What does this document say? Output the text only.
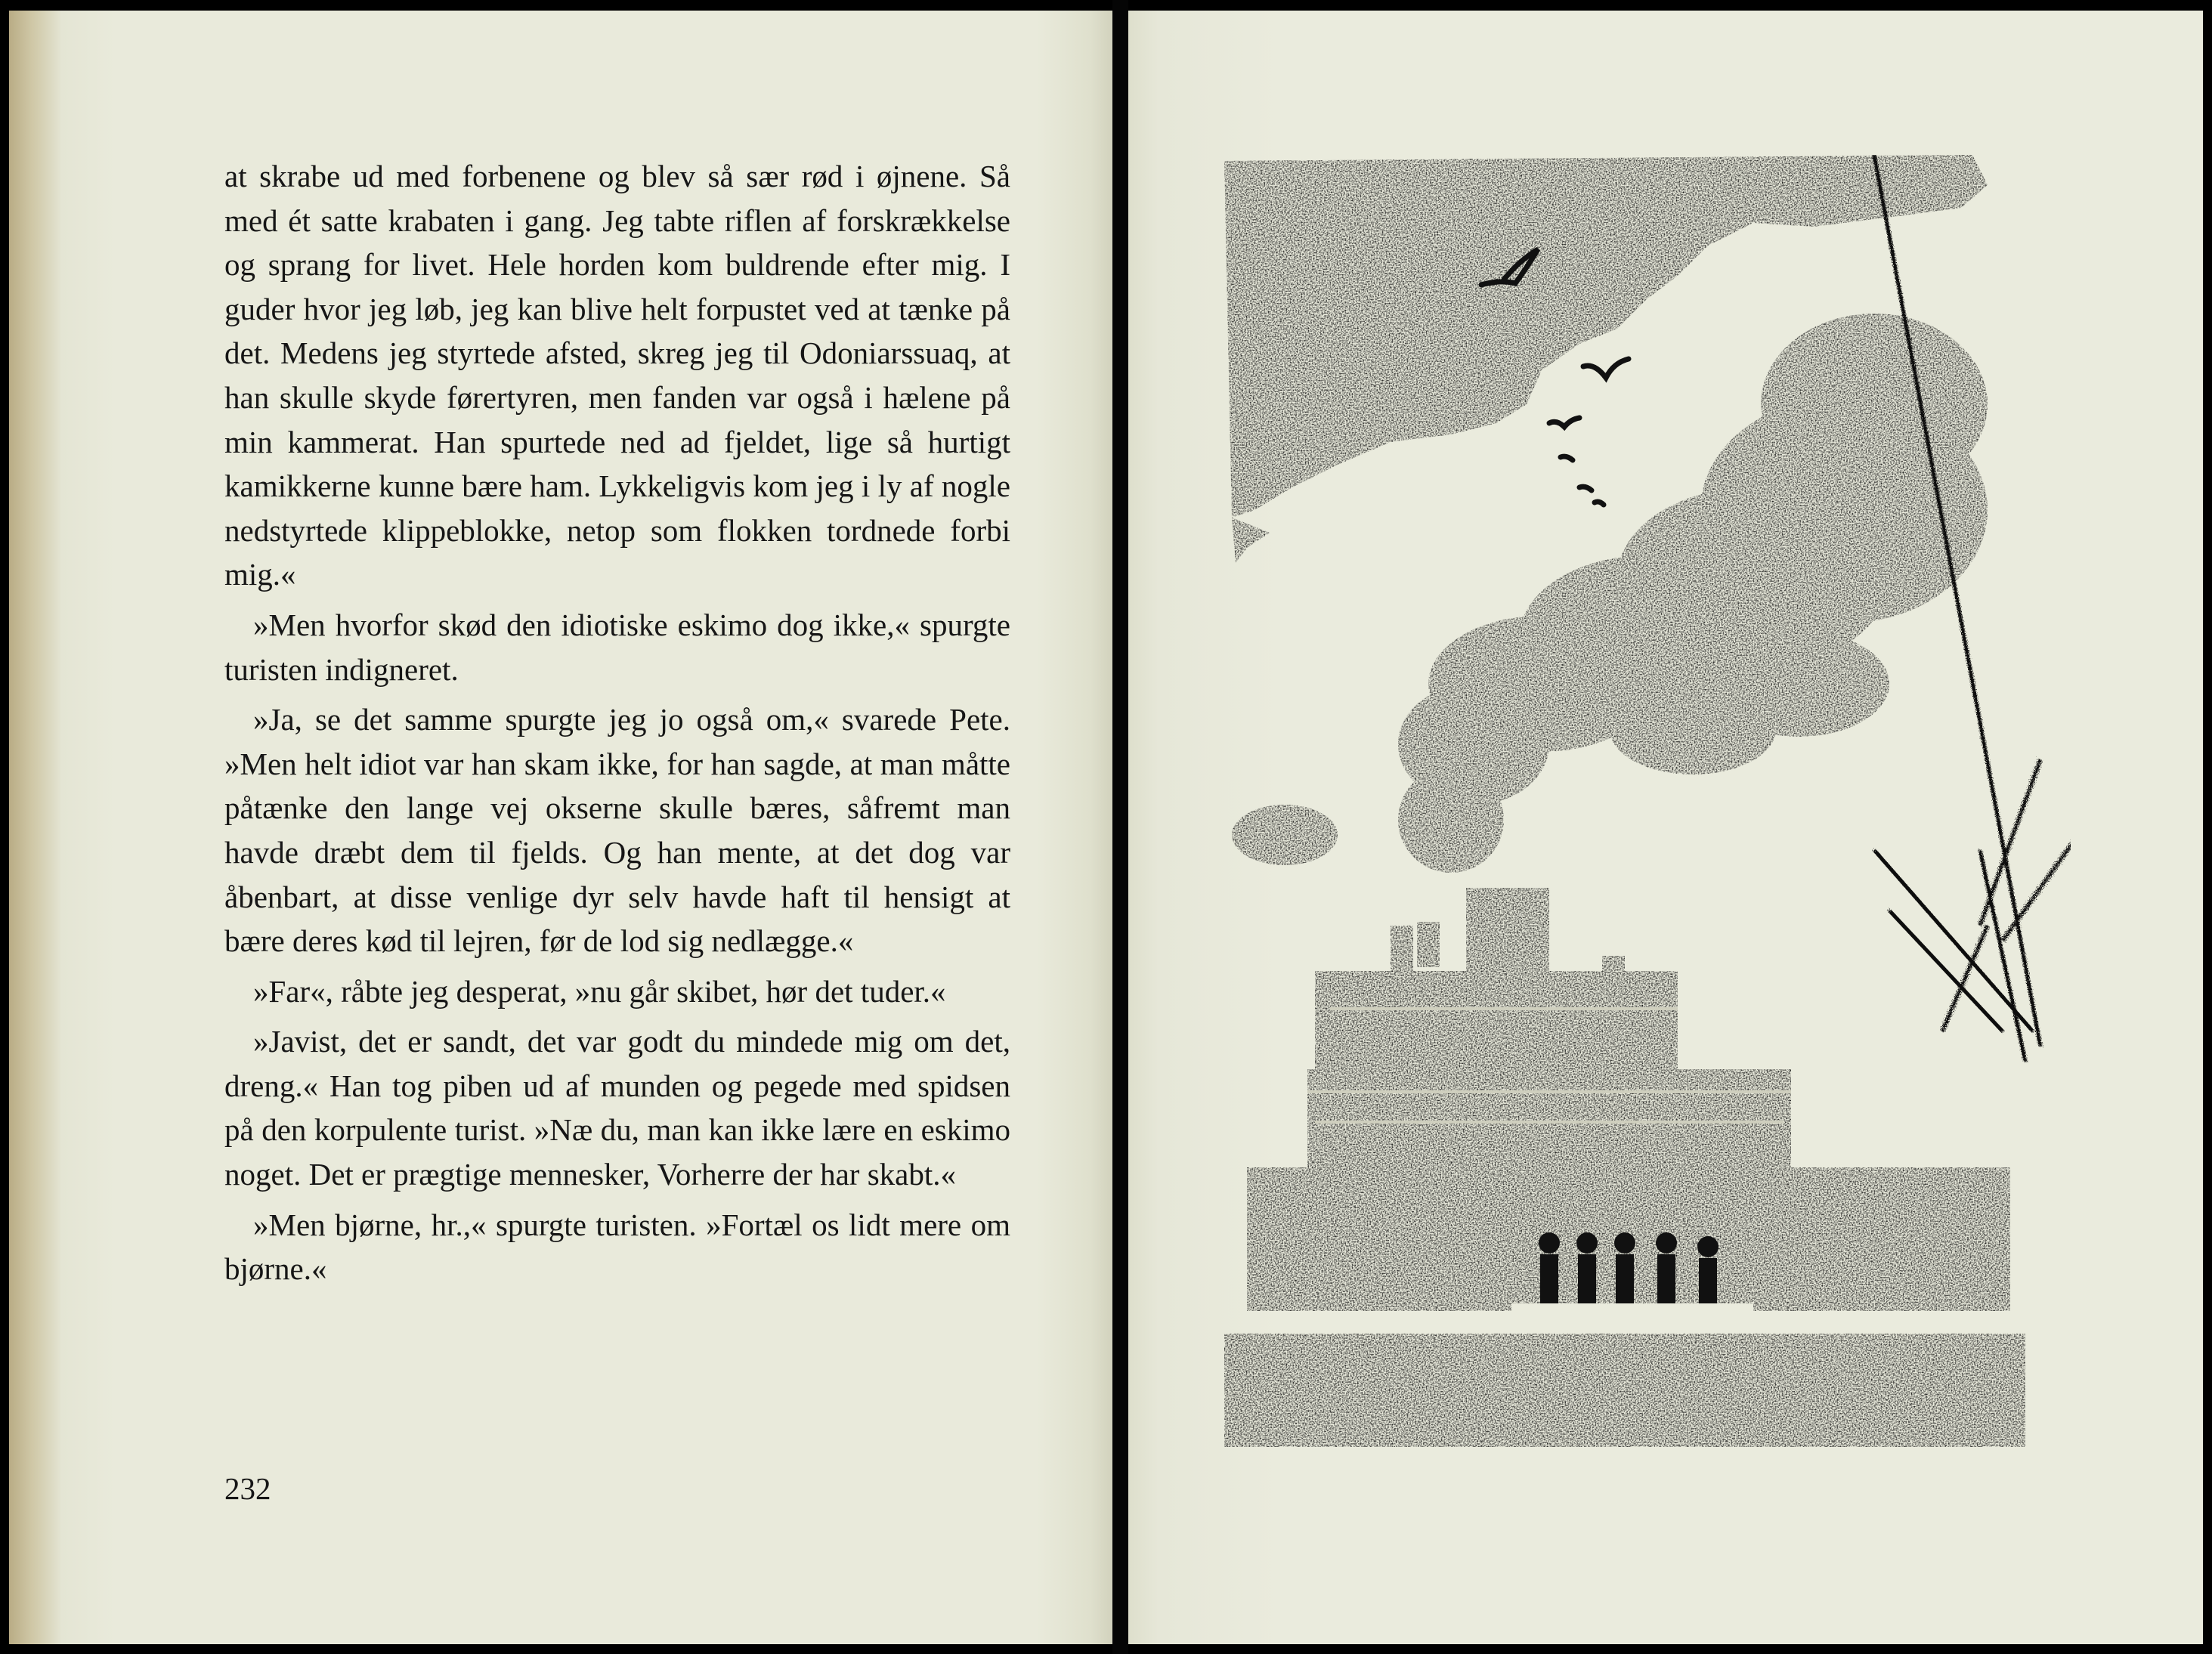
at skrabe ud med forbenene og blev så sær rød i øjnene. Så med ét satte krabaten i gang. Jeg tabte riflen af forskrækkelse og sprang for livet. Hele horden kom buldrende efter mig. I guder hvor jeg løb, jeg kan blive helt forpustet ved at tænke på det. Medens jeg styrtede afsted, skreg jeg til Odoniarssuaq, at han skulle skyde førertyren, men fanden var også i hælene på min kammerat. Han spurtede ned ad fjeldet, lige så hurtigt kamikkerne kunne bære ham. Lykkeligvis kom jeg i ly af nogle nedstyrtede klippeblokke, netop som flokken tordnede forbi mig.«

»Men hvorfor skød den idiotiske eskimo dog ikke,« spurgte turisten indigneret.

»Ja, se det samme spurgte jeg jo også om,« svarede Pete. »Men helt idiot var han skam ikke, for han sagde, at man måtte påtænke den lange vej okserne skulle bæres, såfremt man havde dræbt dem til fjelds. Og han mente, at det dog var åbenbart, at disse venlige dyr selv havde haft til hensigt at bære deres kød til lejren, før de lod sig nedlægge.«

»Far«, råbte jeg desperat, »nu går skibet, hør det tuder.«

»Javist, det er sandt, det var godt du mindede mig om det, dreng.« Han tog piben ud af munden og pegede med spidsen på den korpulente turist. »Næ du, man kan ikke lære en eskimo noget. Det er prægtige mennesker, Vorherre der har skabt.«

»Men bjørne, hr.,« spurgte turisten. »Fortæl os lidt mere om bjørne.«

232
